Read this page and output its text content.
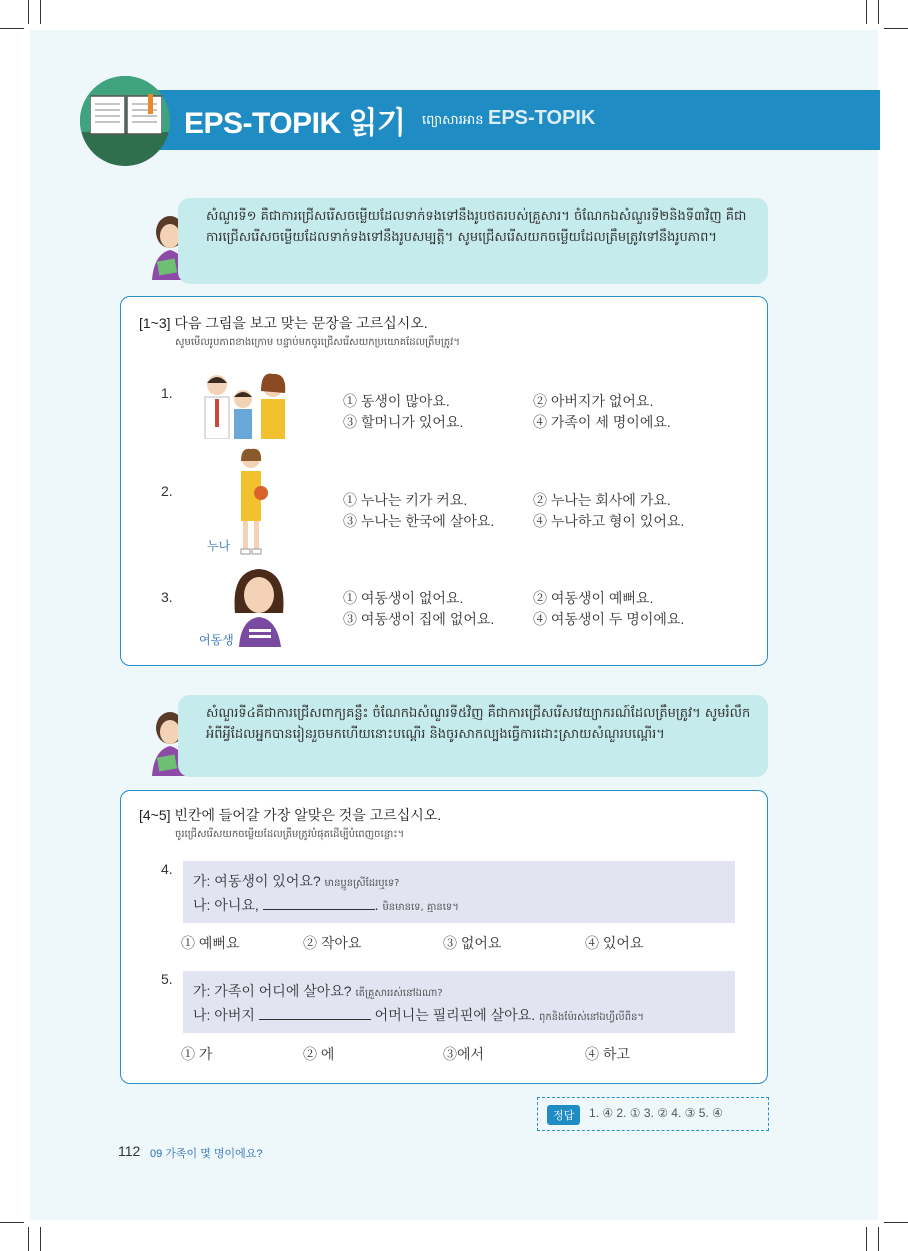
EPS-TOPIK 읽기 ព្យោសារអាន EPS-TOPIK
សំណួរទី១ គឺជាការជ្រើសរើសចម្លើយដែលទាក់ទងទៅនឹងរូបថតរបស់គ្រួសារ។ ចំណែកឯសំណួរទី២និងទី៣វិញ គឺជាការជ្រើសរើសចម្លើយដែលទាក់ទងទៅនឹងរូបសម្បត្តិ។ សូមជ្រើសរើសយកចម្លើយដែលត្រឹមត្រូវទៅនឹងរូបភាព។
[1~3] 다음 그림을 보고 맞는 문장을 고르십시오.
សូមមើលរូបភាពខាងក្រោម បន្ទាប់មកចូរជ្រើសរើសយកប្រយោគដែលត្រឹមត្រូវ។
1.	① 동생이 많아요.	② 아버지가 없어요.
③ 할머니가 있어요.	④ 가족이 세 명이에요.
2.
누나
① 누나는 키가 커요.	② 누나는 회사에 가요.
③ 누나는 한국에 살아요.	④ 누나하고 형이 있어요.
3.
여동생
① 여동생이 없어요.	② 여동생이 예뻐요.
③ 여동생이 집에 없어요.	④ 여동생이 두 명이에요.
សំណួរទី៤គឺជាការជ្រើសពាក្យគន្លឹះ ចំណែកឯសំណួរទី៥វិញ គឺជាការជ្រើសរើសវេយ្យាករណ៍ដែលត្រឹមត្រូវ។ សូមរំលឹកអំពីអ្វីដែលអ្នកបានរៀនរួចមកហើយនោះបណ្តើរ និងចូរសាកល្បងធ្វើការដោះស្រាយសំណួរបណ្តើរ។
[4~5] 빈칸에 들어갈 가장 알맞은 것을 고르십시오.
ចូរជ្រើសរើសយកចម្លើយដែលត្រឹមត្រូវបំផុតដើម្បីបំពេញចន្លោះ។
4.
가: 여동생이 있어요? មានប្អូនស្រីដែរឬទេ?
나: 아니요,	. មិនមានទេ, គ្មានទេ។
① 예뻐요	② 작아요	③ 없어요	④ 있어요
5.
가: 가족이 어디에 살아요? តើគ្រួសាររស់នៅឯណា?
나: 아버지	어머니는 필리핀에 살아요. ពុកនិងម៉ែរស់នៅឯហ្វីលីពីន។
① 가	② 에	③에서	④ 하고
정답	1. ④ 2. ① 3. ② 4. ③ 5. ④
112 09 가족이 몇 명이에요?
